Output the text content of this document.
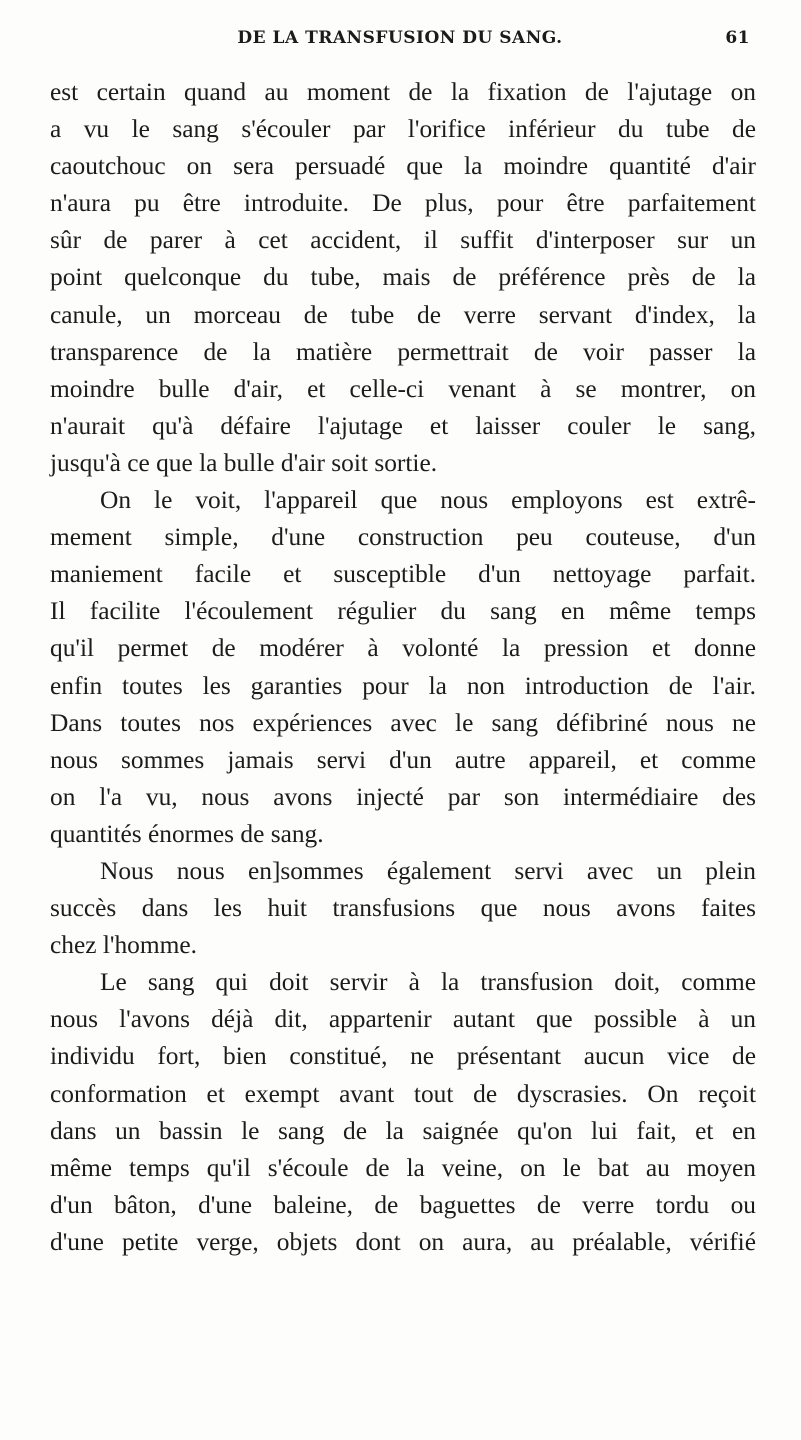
DE LA TRANSFUSION DU SANG.	61
est certain quand au moment de la fixation de l'ajutage on
a vu le sang s'écouler par l'orifice inférieur du tube de
caoutchouc on sera persuadé que la moindre quantité d'air
n'aura pu être introduite. De plus, pour être parfaitement
sûr de parer à cet accident, il suffit d'interposer sur un
point quelconque du tube, mais de préférence près de la
canule, un morceau de tube de verre servant d'index, la
transparence de la matière permettrait de voir passer la
moindre bulle d'air, et celle-ci venant à se montrer, on
n'aurait qu'à défaire l'ajutage et laisser couler le sang,
jusqu'à ce que la bulle d'air soit sortie.
On le voit, l'appareil que nous employons est extrê-
mement simple, d'une construction peu couteuse, d'un
maniement facile et susceptible d'un nettoyage parfait.
Il facilite l'écoulement régulier du sang en même temps
qu'il permet de modérer à volonté la pression et donne
enfin toutes les garanties pour la non introduction de l'air.
Dans toutes nos expériences avec le sang défibriné nous ne
nous sommes jamais servi d'un autre appareil, et comme
on l'a vu, nous avons injecté par son intermédiaire des
quantités énormes de sang.
Nous nous en]sommes également servi avec un plein
succès dans les huit transfusions que nous avons faites
chez l'homme.
Le sang qui doit servir à la transfusion doit, comme
nous l'avons déjà dit, appartenir autant que possible à un
individu fort, bien constitué, ne présentant aucun vice de
conformation et exempt avant tout de dyscrasies. On reçoit
dans un bassin le sang de la saignée qu'on lui fait, et en
même temps qu'il s'écoule de la veine, on le bat au moyen
d'un bâton, d'une baleine, de baguettes de verre tordu ou
d'une petite verge, objets dont on aura, au préalable, vérifié
